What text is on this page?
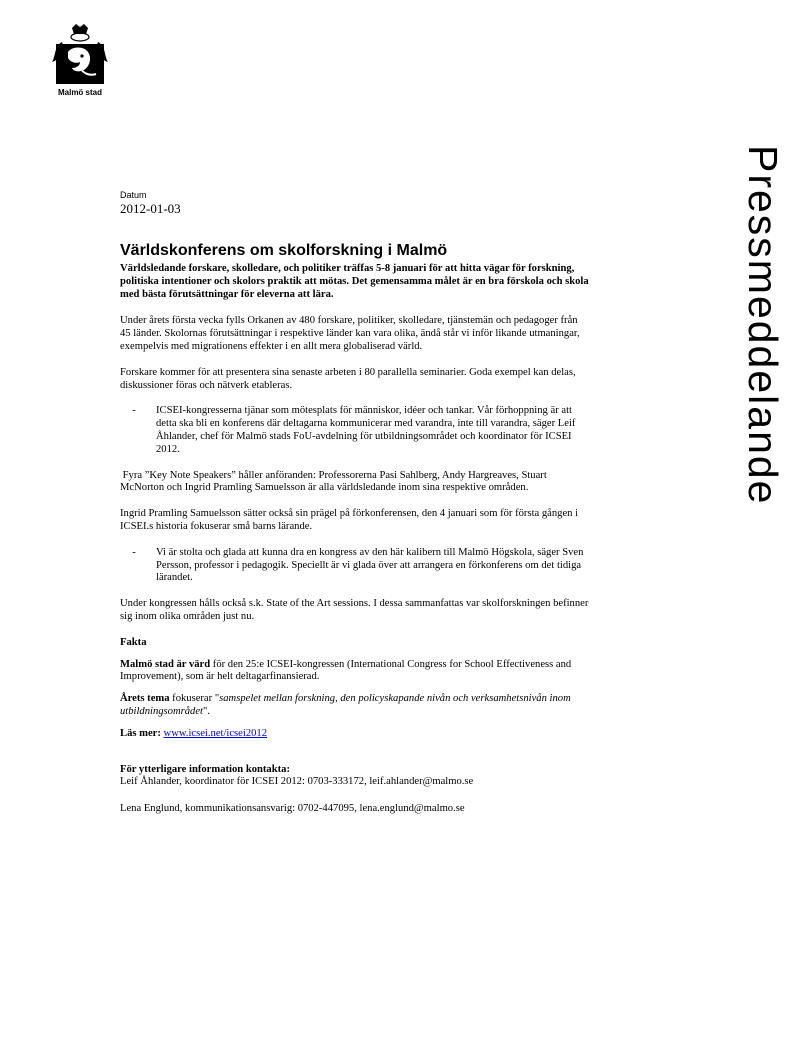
Malmö stad
Pressmeddelande
Datum
2012-01-03
Världskonferens om skolforskning i Malmö

Världsledande forskare, skolledare, och politiker träffas 5-8 januari för att hitta vägar för forskning, politiska intentioner och skolors praktik att mötas. Det gemensamma målet är en bra förskola och skola med bästa förutsättningar för eleverna att lära.

Under årets första vecka fylls Orkanen av 480 forskare, politiker, skolledare, tjänstemän och pedagoger från 45 länder. Skolornas förutsättningar i respektive länder kan vara olika, ändå står vi inför likande utmaningar, exempelvis med migrationens effekter i en allt mera globaliserad värld.

Forskare kommer för att presentera sina senaste arbeten i 80 parallella seminarier. Goda exempel kan delas, diskussioner föras och nätverk etableras.

-	ICSEI-kongresserna tjänar som mötesplats för människor, idéer och tankar. Vår förhoppning är att detta ska bli en konferens där deltagarna kommunicerar med varandra, inte till varandra, säger Leif Åhlander, chef för Malmö stads FoU-avdelning för utbildningsområdet och koordinator för ICSEI 2012.

Fyra ”Key Note Speakers” håller anföranden: Professorerna Pasi Sahlberg, Andy Hargreaves, Stuart McNorton och Ingrid Pramling Samuelsson är alla världsledande inom sina respektive områden.

Ingrid Pramling Samuelsson sätter också sin prägel på förkonferensen, den 4 januari som för första gången i ICSEI.s historia fokuserar små barns lärande.

-	Vi är stolta och glada att kunna dra en kongress av den här kalibern till Malmö Högskola, säger Sven Persson, professor i pedagogik. Speciellt är vi glada över att arrangera en förkonferens om det tidiga lärandet.

Under kongressen hålls också s.k. State of the Art sessions. I dessa sammanfattas var skolforskningen befinner sig inom olika områden just nu.

Fakta

Malmö stad är värd för den 25:e ICSEI-kongressen (International Congress for School Effectiveness and Improvement), som är helt deltagarfinansierad.

Årets tema fokuserar "samspelet mellan forskning, den policyskapande nivån och verksamhetsnivån inom utbildningsområdet".

Läs mer: www.icsei.net/icsei2012

För ytterligare information kontakta:
Leif Åhlander, koordinator för ICSEI 2012: 0703-333172, leif.ahlander@malmo.se
Lena Englund, kommunikationsansvarig: 0702-447095, lena.englund@malmo.se
